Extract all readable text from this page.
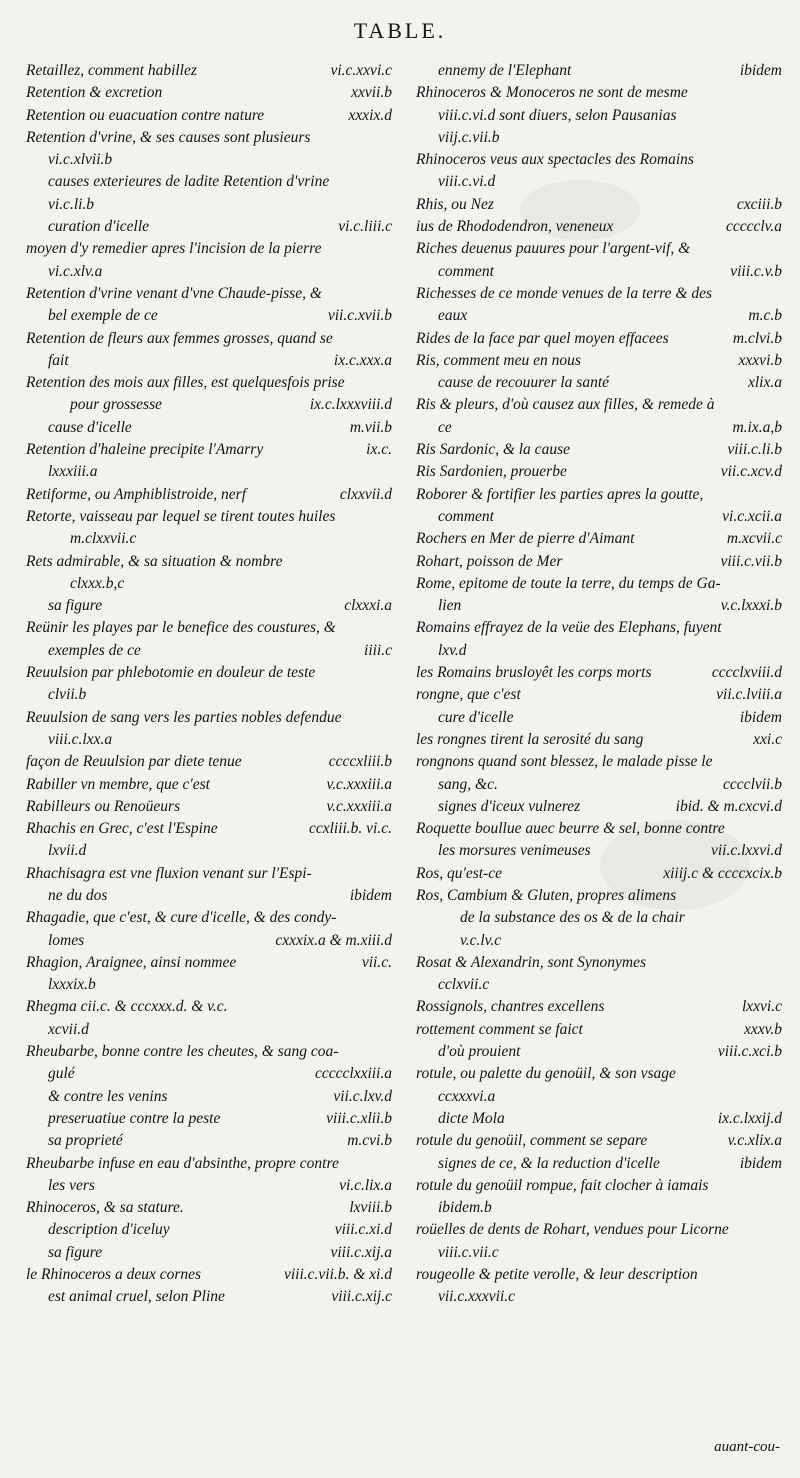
TABLE.
Retaillez, comment habillez	vi.c.xxvi.c
Retention & excretion	xxvii.b
Retention ou euacuation contre nature	xxxix.d
Retention d'vrine, & ses causes sont plusieurs
vi.c.xlvii.b
causes exterieures de ladite Retention d'vrine
vi.c.li.b
curation d'icelle	vi.c.liii.c
moyen d'y remedier apres l'incision de la pierre
vi.c.xlv.a
Retention d'vrine venant d'vne Chaude-pisse, &
bel exemple de ce	vii.c.xvii.b
Retention de fleurs aux femmes grosses, quand se
fait	ix.c.xxx.a
Retention des mois aux filles, est quelquesfois prise
pour grossesse	ix.c.lxxxviii.d
cause d'icelle	m.vii.b
Retention d'haleine precipite l'Amarry	ix.c.
lxxxiii.a
Retiforme, ou Amphiblistroide, nerf	clxxvii.d
Retorte, vaisseau par lequel se tirent toutes huiles
m.clxxvii.c
Rets admirable, & sa situation & nombre
clxxx.b,c
sa figure	clxxxi.a
Reünir les playes par le benefice des coustures, &
exemples de ce	iiii.c
Reuulsion par phlebotomie en douleur de teste
clvii.b
Reuulsion de sang vers les parties nobles defendue
viii.c.lxx.a
façon de Reuulsion par diete tenue	ccccxliii.b
Rabiller vn membre, que c'est	v.c.xxxiii.a
Rabilleurs ou Renoüeurs	v.c.xxxiii.a
Rhachis en Grec, c'est l'Espine	ccxliii.b. vi.c.
lxvii.d
Rhachisagra est vne fluxion venant sur l'Espi-
ne du dos	ibidem
Rhagadie, que c'est, & cure d'icelle, & des condy-
lomes	cxxxix.a & m.xiii.d
Rhagion, Araignee, ainsi nommee	vii.c.
lxxxix.b
Rhegma cii.c. & cccxxx.d. & v.c.
xcvii.d
Rheubarbe, bonne contre les cheutes, & sang coa-
gulé	ccccclxxiii.a
& contre les venins	vii.c.lxv.d
preseruatiue contre la peste	viii.c.xlii.b
sa proprieté	m.cvi.b
Rheubarbe infuse en eau d'absinthe, propre contre
les vers	vi.c.lix.a
Rhinoceros, & sa stature.	lxviii.b
description d'iceluy	viii.c.xi.d
sa figure	viii.c.xij.a
le Rhinoceros a deux cornes	viii.c.vii.b. & xi.d
est animal cruel, selon Pline	viii.c.xij.c
ennemy de l'Elephant	ibidem
Rhinoceros & Monoceros ne sont de mesme
viii.c.vi.d sont diuers, selon Pausanias
viij.c.vii.b
Rhinoceros veus aux spectacles des Romains
viii.c.vi.d
Rhis, ou Nez	cxciii.b
ius de Rhododendron, veneneux	ccccclv.a
Riches deuenus pauures pour l'argent-vif, &
comment	viii.c.v.b
Richesses de ce monde venues de la terre & des
eaux	m.c.b
Rides de la face par quel moyen effacees	m.clvi.b
Ris, comment meu en nous	xxxvi.b
cause de recouurer la santé	xlix.a
Ris & pleurs, d'où causez aux filles, & remede à
ce	m.ix.a,b
Ris Sardonic, & la cause	viii.c.li.b
Ris Sardonien, prouerbe	vii.c.xcv.d
Roborer & fortifier les parties apres la goutte,
comment	vi.c.xcii.a
Rochers en Mer de pierre d'Aimant	m.xcvii.c
Rohart, poisson de Mer	viii.c.vii.b
Rome, epitome de toute la terre, du temps de Ga-
lien	v.c.lxxxi.b
Romains effrayez de la veüe des Elephans, fuyent
lxv.d
les Romains brusloyêt les corps morts	cccclxviii.d
rongne, que c'est	vii.c.lviii.a
cure d'icelle	ibidem
les rongnes tirent la serosité du sang	xxi.c
rongnons quand sont blessez, le malade pisse le
sang, &c.	cccclvii.b
signes d'iceux vulnerez	ibid. & m.cxcvi.d
Roquette boullue auec beurre & sel, bonne contre
les morsures venimeuses	vii.c.lxxvi.d
Ros, qu'est-ce	xiiij.c & ccccxcix.b
Ros, Cambium & Gluten, propres alimens
de la substance des os & de la chair
v.c.lv.c
Rosat & Alexandrin, sont Synonymes
cclxvii.c
Rossignols, chantres excellens	lxxvi.c
rottement comment se faict	xxxv.b
d'où prouient	viii.c.xci.b
rotule, ou palette du genoüil, & son vsage
ccxxxvi.a
dicte Mola	ix.c.lxxij.d
rotule du genoüil, comment se separe	v.c.xlix.a
signes de ce, & la reduction d'icelle	ibidem
rotule du genoüil rompue, fait clocher à iamais
ibidem.b
roüelles de dents de Rohart, vendues pour Licorne
viii.c.vii.c
rougeolle & petite verolle, & leur description
vii.c.xxxvii.c
auant-cou-
